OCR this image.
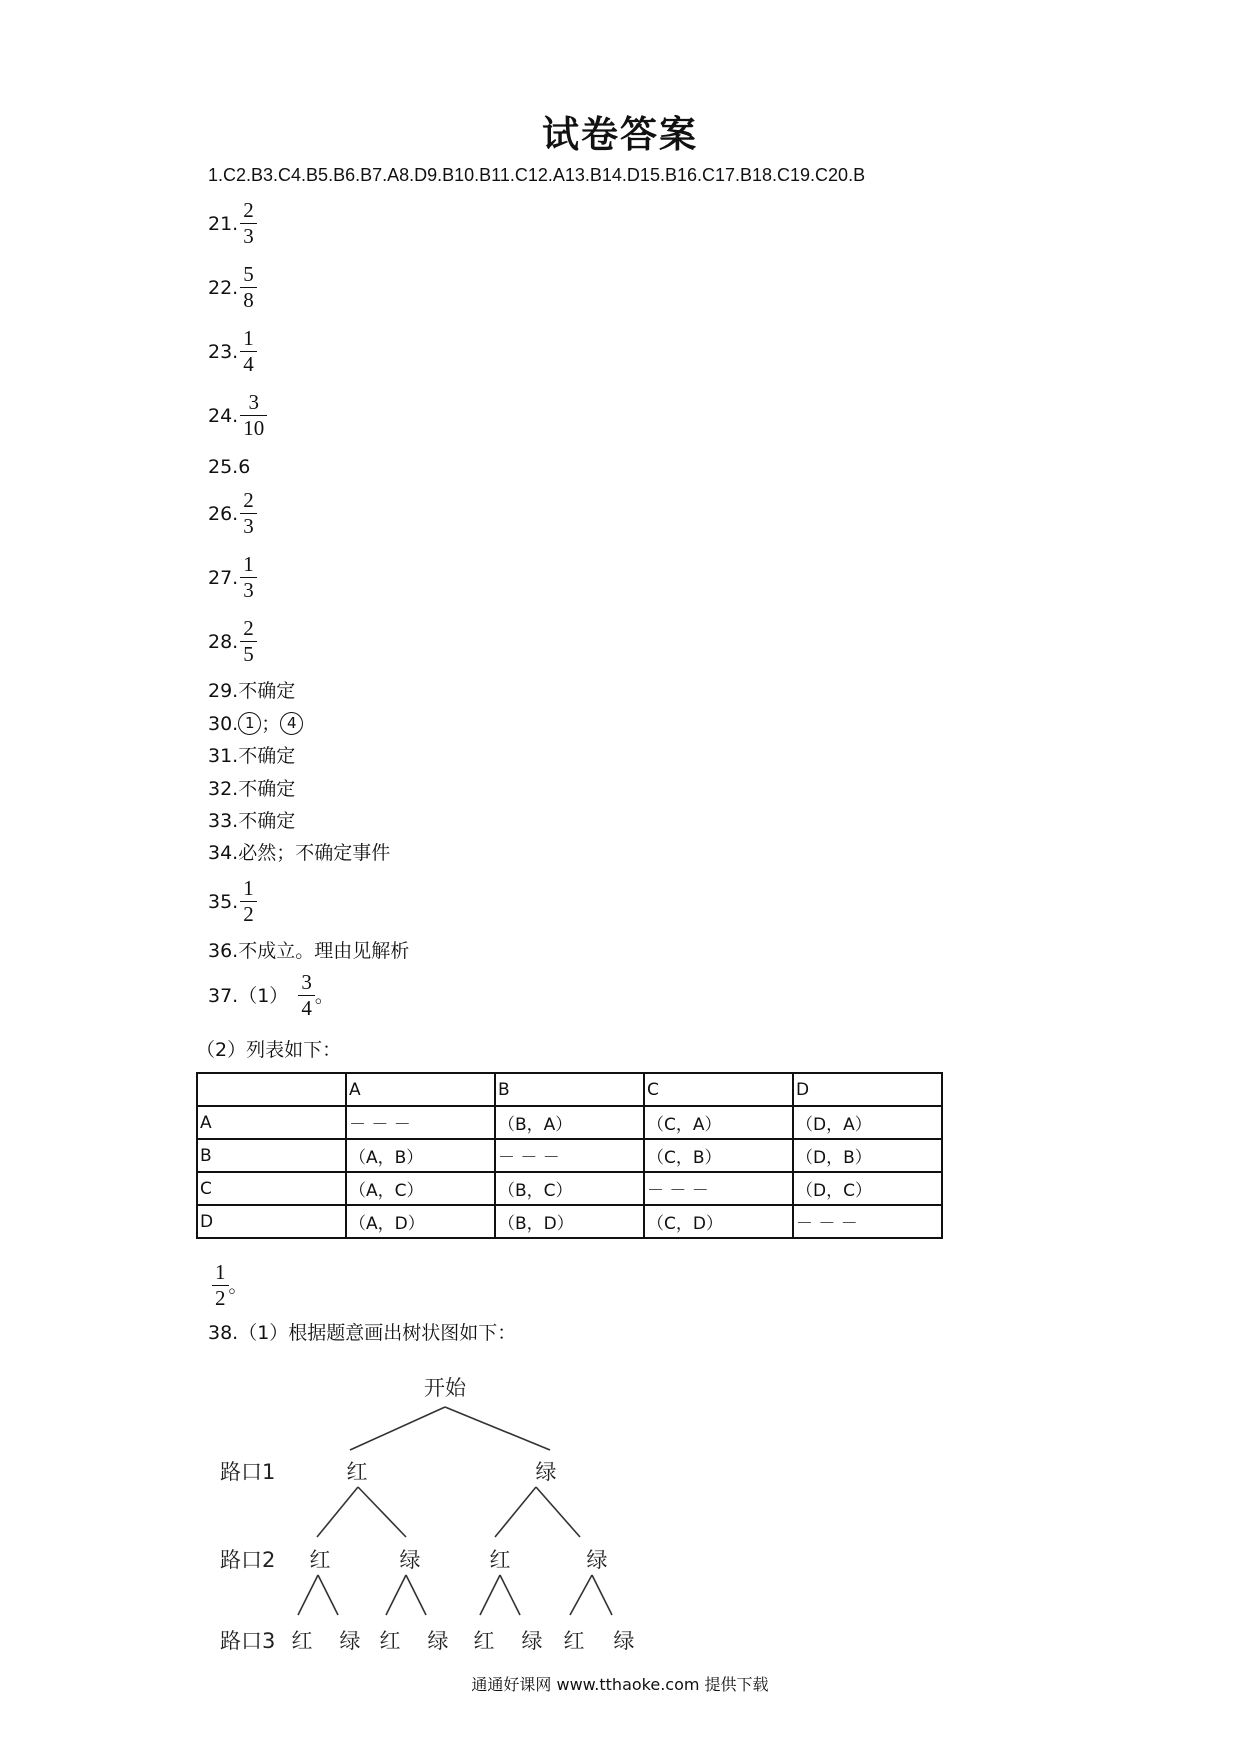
试卷答案
1.C2.B3.C4.B5.B6.B7.A8.D9.B10.B11.C12.A13.B14.D15.B16.C17.B18.C19.C20.B
21. $\frac{2}{3}$
22. $\frac{5}{8}$
23. $\frac{1}{4}$
24. $\frac{3}{10}$
25.6
26. $\frac{2}{3}$
27. $\frac{1}{3}$
28. $\frac{2}{5}$
29.不确定
30. 1 ； 4
31.不确定
32.不确定
33.不确定
34.必然；不确定事件
35. $\frac{1}{2}$
36.不成立。理由见解析
$37.(1) \frac{3}{4}$ 。
（2）列表如下：
	A	B	C	D
A	－ － －	（B，A）	（C，A）	（D，A）
B	（A，B）	－ － －	（C，B）	（D，B）
C	（A，C）	（B，C）	－ － －	（D，C）
D	（A，D）	（B，D）	（C，D）	－ － －
$\frac{1}{2}$ 。
38.（1）根据题意画出树状图如下：
开始
路口1
路口2
路口3
红	绿
红	绿	红	绿
红 绿 红 绿 红 绿 红 绿
通通好课网 www.tthaoke.com 提供下载
